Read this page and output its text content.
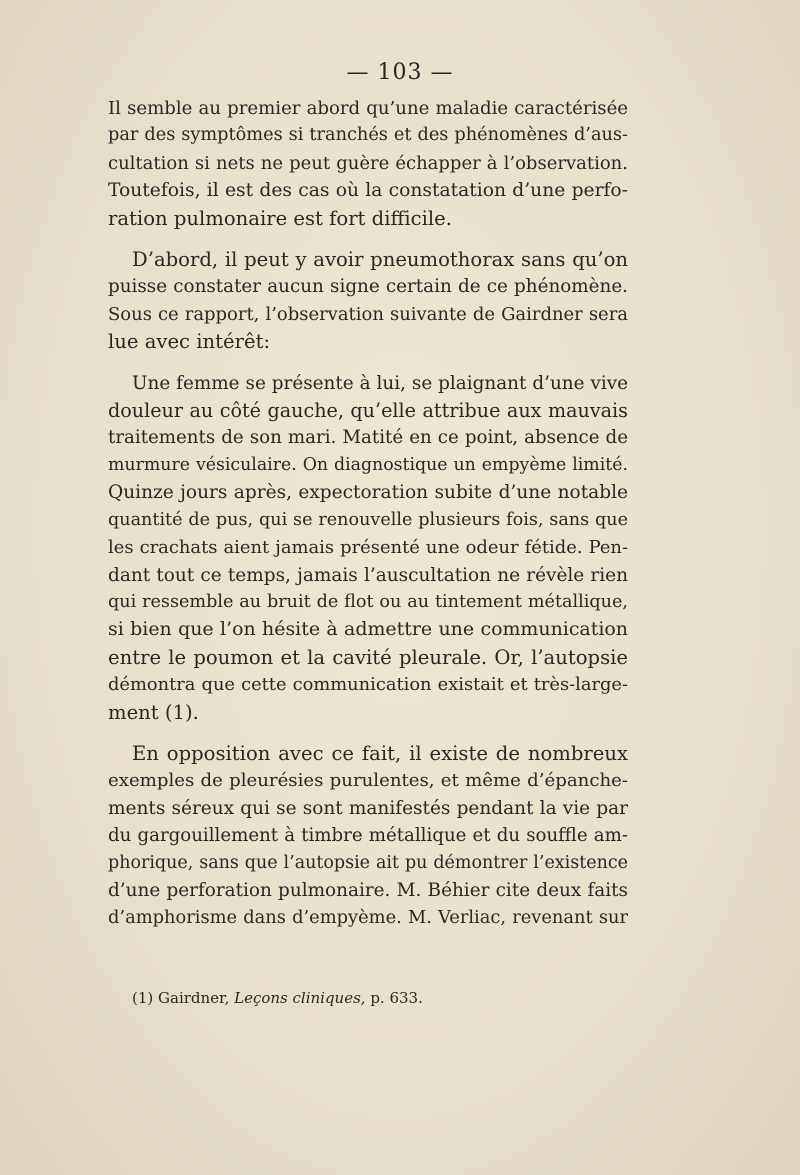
— 103 —
Il semble au premier abord qu’une maladie caractérisée
par des symptômes si tranchés et des phénomènes d’aus-
cultation si nets ne peut guère échapper à l’observation.
Toutefois, il est des cas où la constatation d’une perfo-
ration pulmonaire est fort difficile.
D’abord, il peut y avoir pneumothorax sans qu’on
puisse constater aucun signe certain de ce phénomène.
Sous ce rapport, l’observation suivante de Gairdner sera
lue avec intérêt:
Une femme se présente à lui, se plaignant d’une vive
douleur au côté gauche, qu’elle attribue aux mauvais
traitements de son mari. Matité en ce point, absence de
murmure vésiculaire. On diagnostique un empyème limité.
Quinze jours après, expectoration subite d’une notable
quantité de pus, qui se renouvelle plusieurs fois, sans que
les crachats aient jamais présenté une odeur fétide. Pen-
dant tout ce temps, jamais l’auscultation ne révèle rien
qui ressemble au bruit de flot ou au tintement métallique,
si bien que l’on hésite à admettre une communication
entre le poumon et la cavité pleurale. Or, l’autopsie
démontra que cette communication existait et très-large-
ment (1).
En opposition avec ce fait, il existe de nombreux
exemples de pleurésies purulentes, et même d’épanche-
ments séreux qui se sont manifestés pendant la vie par
du gargouillement à timbre métallique et du souffle am-
phorique, sans que l’autopsie ait pu démontrer l’existence
d’une perforation pulmonaire. M. Béhier cite deux faits
d’amphorisme dans d’empyème. M. Verliac, revenant sur
(1) Gairdner, Leçons cliniques, p. 633.
